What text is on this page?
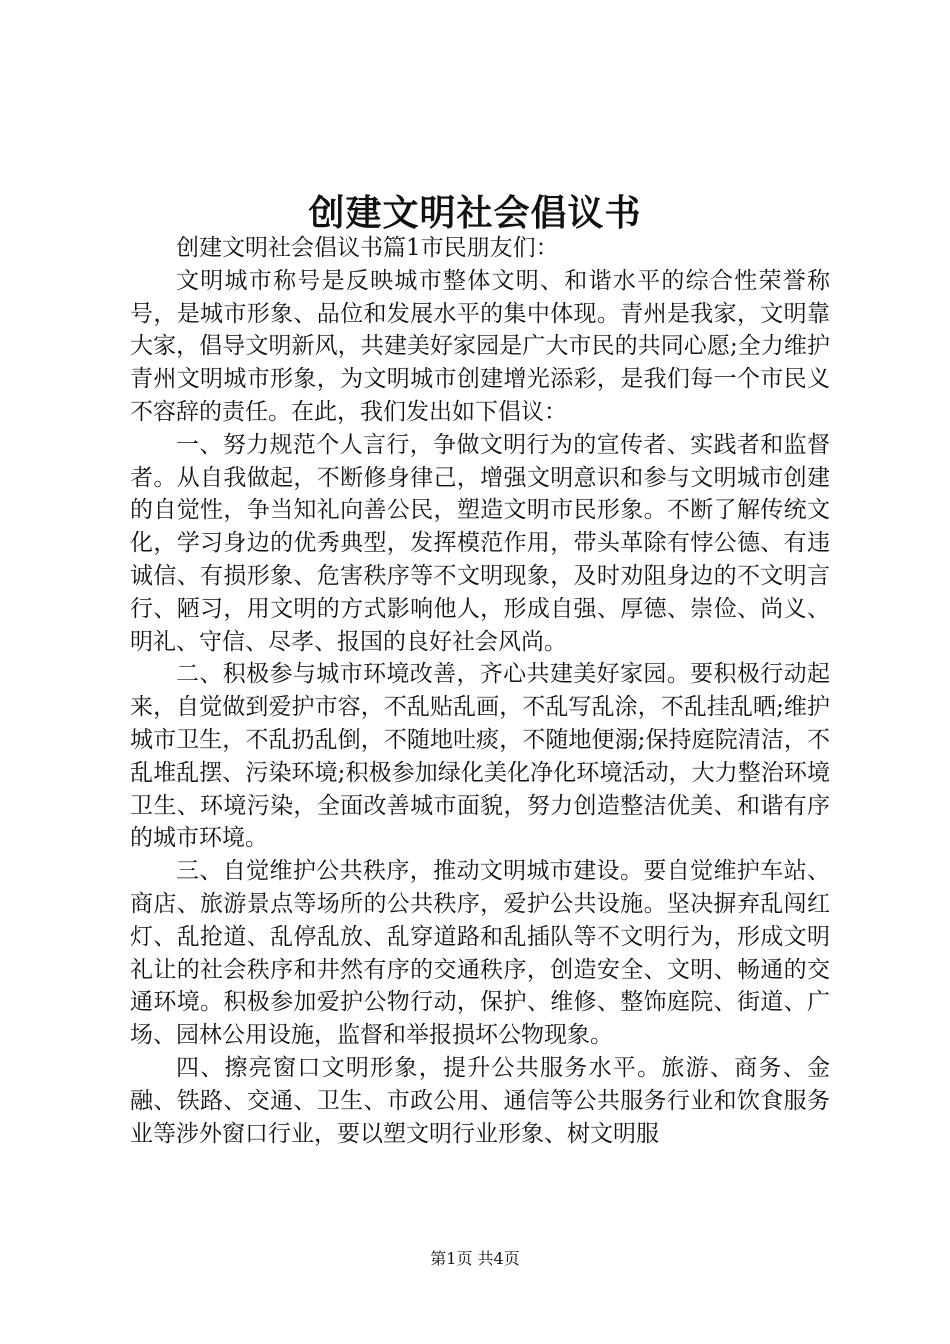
创建文明社会倡议书

创建文明社会倡议书篇1市民朋友们：

文明城市称号是反映城市整体文明、和谐水平的综合性荣誉称号，是城市形象、品位和发展水平的集中体现。青州是我家，文明靠大家，倡导文明新风，共建美好家园是广大市民的共同心愿;全力维护青州文明城市形象，为文明城市创建增光添彩，是我们每一个市民义不容辞的责任。在此，我们发出如下倡议：

一、努力规范个人言行，争做文明行为的宣传者、实践者和监督者。从自我做起，不断修身律己，增强文明意识和参与文明城市创建的自觉性，争当知礼向善公民，塑造文明市民形象。不断了解传统文化，学习身边的优秀典型，发挥模范作用，带头革除有悖公德、有违诚信、有损形象、危害秩序等不文明现象，及时劝阻身边的不文明言行、陋习，用文明的方式影响他人，形成自强、厚德、崇俭、尚义、明礼、守信、尽孝、报国的良好社会风尚。

二、积极参与城市环境改善，齐心共建美好家园。要积极行动起来，自觉做到爱护市容，不乱贴乱画，不乱写乱涂，不乱挂乱晒;维护城市卫生，不乱扔乱倒，不随地吐痰，不随地便溺;保持庭院清洁，不乱堆乱摆、污染环境;积极参加绿化美化净化环境活动，大力整治环境卫生、环境污染，全面改善城市面貌，努力创造整洁优美、和谐有序的城市环境。

三、自觉维护公共秩序，推动文明城市建设。要自觉维护车站、商店、旅游景点等场所的公共秩序，爱护公共设施。坚决摒弃乱闯红灯、乱抢道、乱停乱放、乱穿道路和乱插队等不文明行为，形成文明礼让的社会秩序和井然有序的交通秩序，创造安全、文明、畅通的交通环境。积极参加爱护公物行动，保护、维修、整饰庭院、街道、广场、园林公用设施，监督和举报损坏公物现象。

四、擦亮窗口文明形象，提升公共服务水平。旅游、商务、金融、铁路、交通、卫生、市政公用、通信等公共服务行业和饮食服务业等涉外窗口行业，要以塑文明行业形象、树文明服

第1页 共4页
